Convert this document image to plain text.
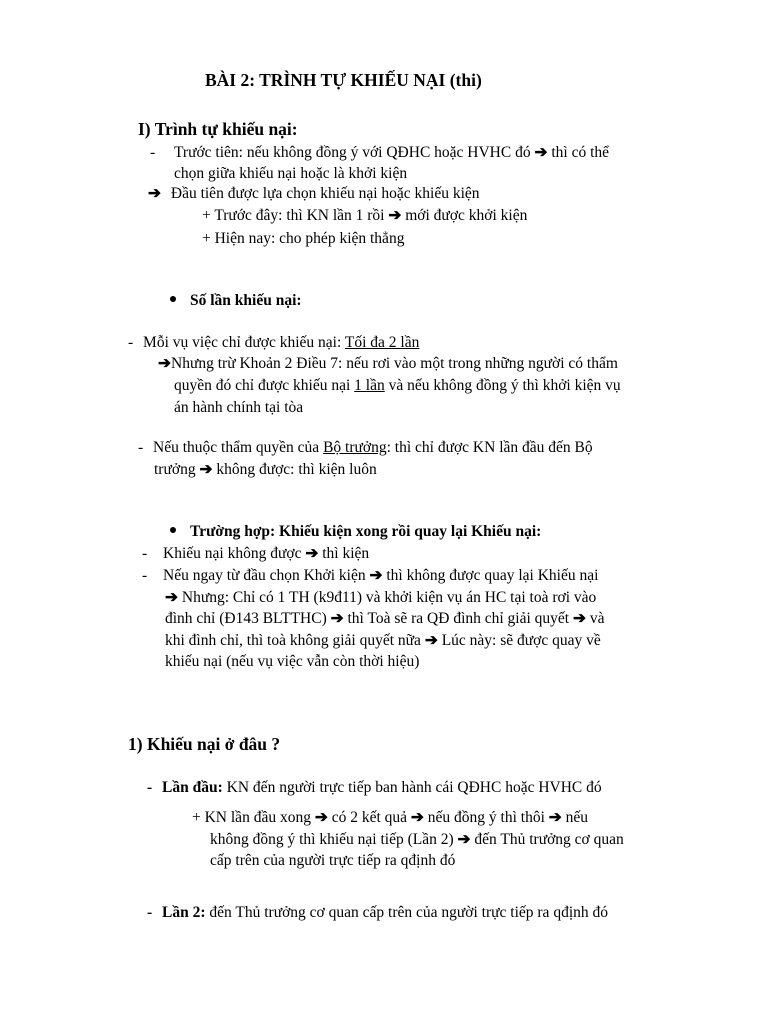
BÀI 2: TRÌNH TỰ KHIẾU NẠI (thi)
I) Trình tự khiếu nại:
- Trước tiên: nếu không đồng ý với QĐHC hoặc HVHC đó ➔ thì có thể
chọn giữa khiếu nại hoặc là khởi kiện
➔ Đầu tiên được lựa chọn khiếu nại hoặc khiếu kiện
+ Trước đây: thì KN lần 1 rồi ➔ mới được khởi kiện
+ Hiện nay: cho phép kiện thẳng
Số lần khiếu nại:
- Mỗi vụ việc chỉ được khiếu nại: Tối đa 2 lần
➔Nhưng trừ Khoản 2 Điều 7: nếu rơi vào một trong những người có thẩm
quyền đó chỉ được khiếu nại 1 lần và nếu không đồng ý thì khởi kiện vụ
án hành chính tại tòa
- Nếu thuộc thẩm quyền của Bộ trưởng: thì chỉ được KN lần đầu đến Bộ
trưởng ➔ không được: thì kiện luôn
Trường hợp: Khiếu kiện xong rồi quay lại Khiếu nại:
- Khiếu nại không được ➔ thì kiện
- Nếu ngay từ đầu chọn Khởi kiện ➔ thì không được quay lại Khiếu nại
➔ Nhưng: Chỉ có 1 TH (k9đ11) và khởi kiện vụ án HC tại toà rơi vào
đình chỉ (Đ143 BLTTHC) ➔ thì Toà sẽ ra QĐ đình chỉ giải quyết ➔ và
khi đình chỉ, thì toà không giải quyết nữa ➔ Lúc này: sẽ được quay về
khiếu nại (nếu vụ việc vẫn còn thời hiệu)
1) Khiếu nại ở đâu ?
- Lần đầu: KN đến người trực tiếp ban hành cái QĐHC hoặc HVHC đó
+ KN lần đầu xong ➔ có 2 kết quả ➔ nếu đồng ý thì thôi ➔ nếu
không đồng ý thì khiếu nại tiếp (Lần 2) ➔ đến Thủ trưởng cơ quan
cấp trên của người trực tiếp ra qđịnh đó
- Lần 2: đến Thủ trưởng cơ quan cấp trên của người trực tiếp ra qđịnh đó
